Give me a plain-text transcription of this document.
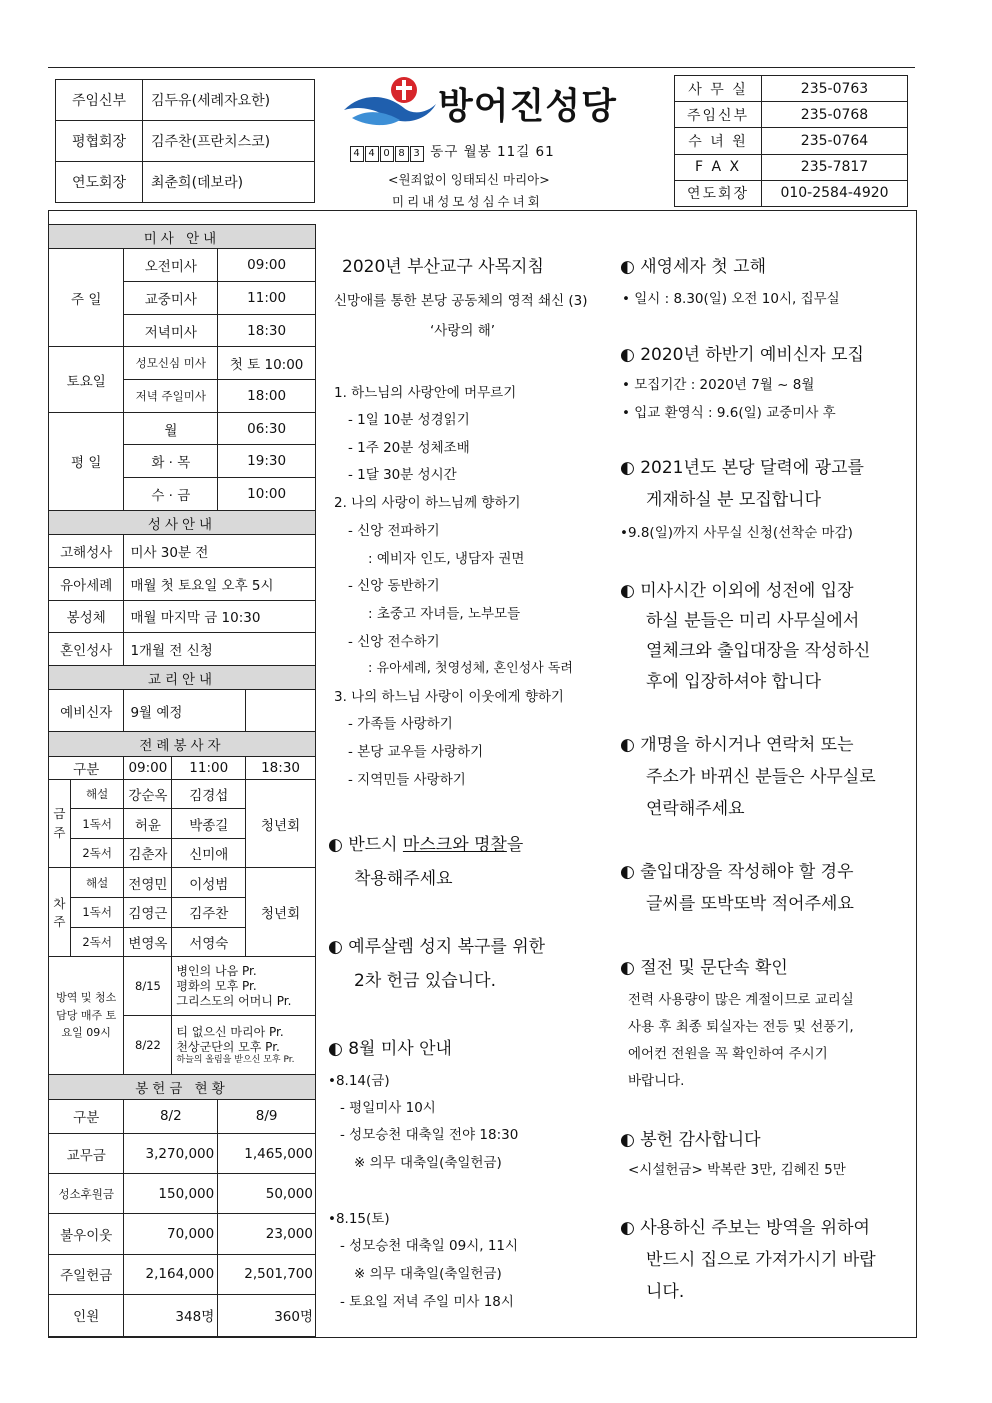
주임신부	김두유(세례자요한)
평협회장	김주찬(프란치스코)
연도회장	최춘희(데보라)
방어진성당
4 4 0 8 3 동구 월봉 11길 61
<원죄없이 잉태되신 마리아>
미리내성모성심수녀회
사 무 실	235-0763
주임신부	235-0768
수 녀 원	235-0764
F A X	235-7817
연도회장	010-2584-4920
미사 안내					
주 일		오전미사		09:00	
		교중미사		11:00	
		저녁미사		18:30	
토요일		성모신심 미사		첫 토 10:00	
		저녁 주일미사		18:00	
평 일		월		06:30	
		화 · 목		19:30	
		수 · 금		10:00	
성사안내					
고해성사		미사 30분 전			
유아세례		매월 첫 토요일 오후 5시			
봉성체		매월 마지막 금 10:30			
혼인성사		1개월 전 신청			
교리안내					
예비신자		9월 예정			
전례봉사자					
구분		09:00	11:00		18:30
금주	해설	강순옥	김경섭		청년회
	1독서	허윤	박종길		
	2독서	김춘자	신미애		
차주	해설	전영민	이성범		청년회
	1독서	김영근	김주찬		
	2독서	변영옥	서영숙		
방역 및 청소담당 매주 토요일 09시		8/15	병인의 나음 Pr.
평화의 모후 Pr.
그리스도의 어머니 Pr.		

		8/22	티 없으신 마리아 Pr.
천상군단의 모후 Pr.
하늘의 올림을 받으신 모후 Pr.		

봉헌금 현황					
구분		8/2		8/9	
교무금		3,270,000		1,465,000	
성소후원금		150,000		50,000	
불우이웃		70,000		23,000	
주일헌금		2,164,000		2,501,700	
인원		348명		360명	
2020년 부산교구 사목지침
신망애를 통한 본당 공동체의 영적 쇄신 (3)
‘사랑의 해’
1. 하느님의 사랑안에 머무르기
- 1일 10분 성경읽기
- 1주 20분 성체조배
- 1달 30분 성시간
2. 나의 사랑이 하느님께 향하기
- 신앙 전파하기
: 예비자 인도, 냉담자 권면
- 신앙 동반하기
: 초중고 자녀들, 노부모들
- 신앙 전수하기
: 유아세례, 첫영성체, 혼인성사 독려
3. 나의 하느님 사랑이 이웃에게 향하기
- 가족들 사랑하기
- 본당 교우들 사랑하기
- 지역민들 사랑하기
◐ 반드시 마스크와 명찰을
착용해주세요
◐ 예루살렘 성지 복구를 위한
2차 헌금 있습니다.
◐ 8월 미사 안내
•8.14(금)
- 평일미사 10시
- 성모승천 대축일 전야 18:30
※ 의무 대축일(축일헌금)
•8.15(토)
- 성모승천 대축일 09시, 11시
※ 의무 대축일(축일헌금)
- 토요일 저녁 주일 미사 18시
◐ 새영세자 첫 고해
• 일시 : 8.30(일) 오전 10시, 집무실
◐ 2020년 하반기 예비신자 모집
• 모집기간 : 2020년 7월 ~ 8월
• 입교 환영식 : 9.6(일) 교중미사 후
◐ 2021년도 본당 달력에 광고를
게재하실 분 모집합니다
•9.8(일)까지 사무실 신청(선착순 마감)
◐ 미사시간 이외에 성전에 입장
하실 분들은 미리 사무실에서
열체크와 출입대장을 작성하신
후에 입장하셔야 합니다
◐ 개명을 하시거나 연락처 또는
주소가 바뀌신 분들은 사무실로
연락해주세요
◐ 출입대장을 작성해야 할 경우
글씨를 또박또박 적어주세요
◐ 절전 및 문단속 확인
전력 사용량이 많은 계절이므로 교리실
사용 후 최종 퇴실자는 전등 및 선풍기,
에어컨 전원을 꼭 확인하여 주시기
바랍니다.
◐ 봉헌 감사합니다
<시설헌금> 박복란 3만, 김혜진 5만
◐ 사용하신 주보는 방역을 위하여
반드시 집으로 가져가시기 바랍
니다.
